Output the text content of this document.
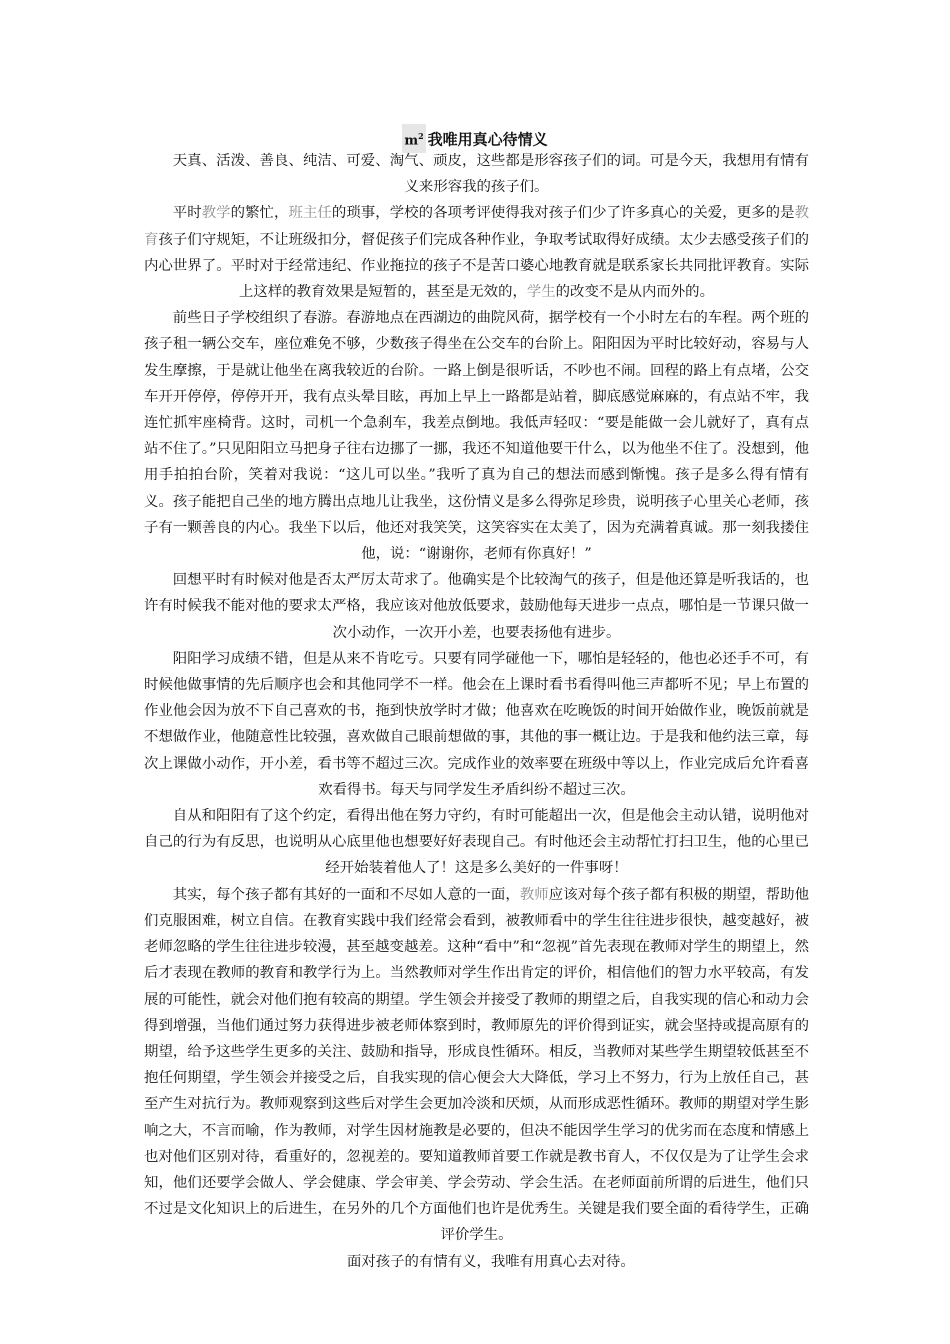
$m^2$ 我唯用真心待情义

天真、活泼、善良、纯洁、可爱、淘气、顽皮，这些都是形容孩子们的词。可是今天，我想用有情有义来形容我的孩子们。

平时教学的繁忙，班主任的琐事，学校的各项考评使得我对孩子们少了许多真心的关爱，更多的是教育孩子们守规矩，不让班级扣分，督促孩子们完成各种作业，争取考试取得好成绩。太少去感受孩子们的内心世界了。平时对于经常违纪、作业拖拉的孩子不是苦口婆心地教育就是联系家长共同批评教育。实际上这样的教育效果是短暂的，甚至是无效的，学生的改变不是从内而外的。

前些日子学校组织了春游。春游地点在西湖边的曲院风荷，据学校有一个小时左右的车程。两个班的孩子租一辆公交车，座位难免不够，少数孩子得坐在公交车的台阶上。阳阳因为平时比较好动，容易与人发生摩擦，于是就让他坐在离我较近的台阶。一路上倒是很听话，不吵也不闹。回程的路上有点堵，公交车开开停停，停停开开，我有点头晕目眩，再加上早上一路都是站着，脚底感觉麻麻的，有点站不牢，我连忙抓牢座椅背。这时，司机一个急刹车，我差点倒地。我低声轻叹：“要是能做一会儿就好了，真有点站不住了。”只见阳阳立马把身子往右边挪了一挪，我还不知道他要干什么，以为他坐不住了。没想到，他用手拍拍台阶，笑着对我说：“这儿可以坐。”我听了真为自己的想法而感到惭愧。孩子是多么得有情有义。孩子能把自己坐的地方腾出点地儿让我坐，这份情义是多么得弥足珍贵，说明孩子心里关心老师，孩子有一颗善良的内心。我坐下以后，他还对我笑笑，这笑容实在太美了，因为充满着真诚。那一刻我搂住他，说：“谢谢你，老师有你真好！”

回想平时有时候对他是否太严厉太苛求了。他确实是个比较淘气的孩子，但是他还算是听我话的，也许有时候我不能对他的要求太严格，我应该对他放低要求，鼓励他每天进步一点点，哪怕是一节课只做一次小动作，一次开小差，也要表扬他有进步。

阳阳学习成绩不错，但是从来不肯吃亏。只要有同学碰他一下，哪怕是轻轻的，他也必还手不可，有时候他做事情的先后顺序也会和其他同学不一样。他会在上课时看书看得叫他三声都听不见；早上布置的作业他会因为放不下自己喜欢的书，拖到快放学时才做；他喜欢在吃晚饭的时间开始做作业，晚饭前就是不想做作业，他随意性比较强，喜欢做自己眼前想做的事，其他的事一概让边。于是我和他约法三章，每次上课做小动作，开小差，看书等不超过三次。完成作业的效率要在班级中等以上，作业完成后允许看喜欢看得书。每天与同学发生矛盾纠纷不超过三次。

自从和阳阳有了这个约定，看得出他在努力守约，有时可能超出一次，但是他会主动认错，说明他对自己的行为有反思，也说明从心底里他也想要好好表现自己。有时他还会主动帮忙打扫卫生，他的心里已经开始装着他人了！这是多么美好的一件事呀！

其实，每个孩子都有其好的一面和不尽如人意的一面，教师应该对每个孩子都有积极的期望，帮助他们克服困难，树立自信。在教育实践中我们经常会看到，被教师看中的学生往往进步很快，越变越好，被老师忽略的学生往往进步较漫，甚至越变越差。这种“看中”和“忽视”首先表现在教师对学生的期望上，然后才表现在教师的教育和教学行为上。当然教师对学生作出肯定的评价，相信他们的智力水平较高，有发展的可能性，就会对他们抱有较高的期望。学生领会并接受了教师的期望之后，自我实现的信心和动力会得到增强，当他们通过努力获得进步被老师体察到时，教师原先的评价得到证实，就会坚持或提高原有的期望，给予这些学生更多的关注、鼓励和指导，形成良性循环。相反，当教师对某些学生期望较低甚至不抱任何期望，学生领会并接受之后，自我实现的信心便会大大降低，学习上不努力，行为上放任自己，甚至产生对抗行为。教师观察到这些后对学生会更加冷淡和厌烦，从而形成恶性循环。教师的期望对学生影响之大，不言而喻，作为教师，对学生因材施教是必要的，但决不能因学生学习的优劣而在态度和情感上也对他们区别对待，看重好的，忽视差的。要知道教师首要工作就是教书育人，不仅仅是为了让学生会求知，他们还要学会做人、学会健康、学会审美、学会劳动、学会生活。在老师面前所谓的后进生，他们只不过是文化知识上的后进生，在另外的几个方面他们也许是优秀生。关键是我们要全面的看待学生，正确评价学生。

面对孩子的有情有义，我唯有用真心去对待。
